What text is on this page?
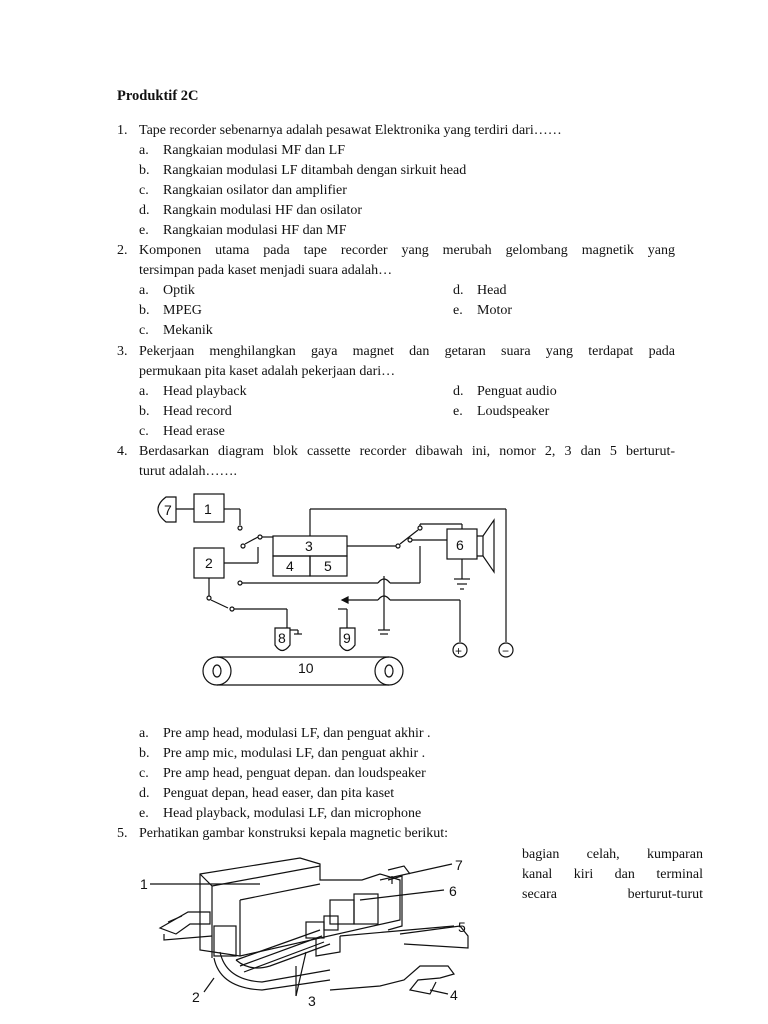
Produktif 2C
1. Tape recorder sebenarnya adalah pesawat Elektronika yang terdiri dari……
a. Rangkaian modulasi MF dan LF
b. Rangkaian modulasi LF ditambah dengan sirkuit head
c. Rangkaian osilator dan amplifier
d. Rangkain modulasi HF dan osilator
e. Rangkaian modulasi HF dan MF
2. Komponen utama pada tape recorder yang merubah gelombang magnetik yang
tersimpan pada kaset menjadi suara adalah…
a. Optik
b. MPEG
c. Mekanik
d. Head
e. Motor
3. Pekerjaan menghilangkan gaya magnet dan getaran suara yang terdapat pada
permukaan pita kaset adalah pekerjaan dari…
a. Head playback
b. Head record
c. Head erase
d. Penguat audio
e. Loudspeaker
4. Berdasarkan diagram blok cassette recorder dibawah ini, nomor 2, 3 dan 5 berturut-
turut adalah…….
7 1
3
2	4 5
6
8	9
10
+	−
a. Pre amp head, modulasi LF, dan penguat akhir .
b. Pre amp mic, modulasi LF, dan penguat akhir .
c. Pre amp head, penguat depan. dan loudspeaker
d. Penguat depan, head easer, dan pita kaset
e. Head playback, modulasi LF, dan microphone
5. Perhatikan gambar konstruksi kepala magnetic berikut:
bagian celah, kumparan
kanal kiri dan terminal
secara berturut-turut
1
7
6
5
4
2	3
